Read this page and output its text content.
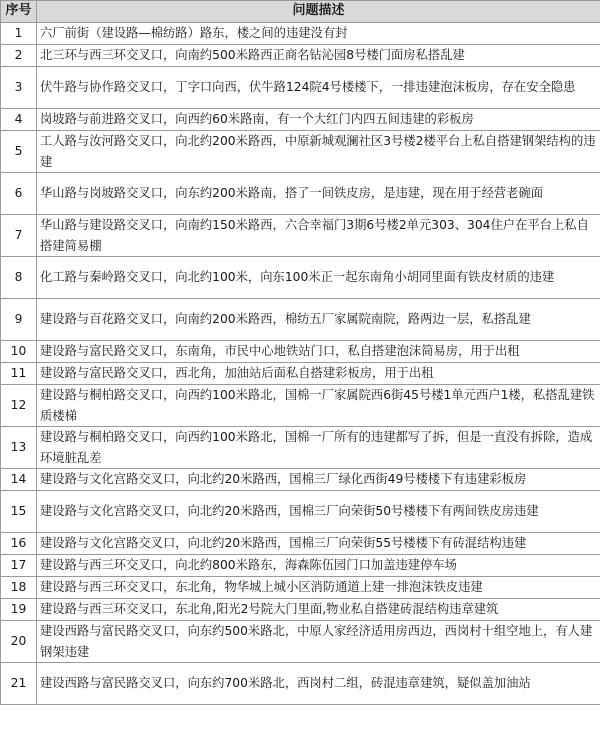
序号	问题描述
1	六厂前街（建设路—棉纺路）路东，楼之间的违建没有封
2	北三环与西三环交叉口，向南约500米路西正商名钻沁园8号楼门面房私搭乱建
3	伏牛路与协作路交叉口，丁字口向西，伏牛路124院4号楼楼下，一排违建泡沫板房，存在安全隐患
4	岗坡路与前进路交叉口，向西约60米路南，有一个大红门内四五间违建的彩板房
5	工人路与汝河路交叉口，向北约200米路西，中原新城观澜社区3号楼2楼平台上私自搭建钢架结构的违建
6	华山路与岗坡路交叉口，向东约200米路南，搭了一间铁皮房，是违建，现在用于经营老碗面
7	华山路与建设路交叉口，向南约150米路西，六合幸福门3期6号楼2单元303、304住户在平台上私自搭建简易棚
8	化工路与秦岭路交叉口，向北约100米，向东100米正一起东南角小胡同里面有铁皮材质的违建
9	建设路与百花路交叉口，向南约200米路西，棉纺五厂家属院南院，路两边一层，私搭乱建
10	建设路与富民路交叉口，东南角，市民中心地铁站门口，私自搭建泡沫简易房，用于出租
11	建设路与富民路交叉口，西北角，加油站后面私自搭建彩板房，用于出租
12	建设路与桐柏路交叉口，向西约100米路北，国棉一厂家属院西6街45号楼1单元西户1楼，私搭乱建铁质楼梯
13	建设路与桐柏路交叉口，向西约100米路北，国棉一厂所有的违建都写了拆，但是一直没有拆除，造成环境脏乱差
14	建设路与文化宫路交叉口，向北约20米路西，国棉三厂绿化西街49号楼楼下有违建彩板房
15	建设路与文化宫路交叉口，向北约20米路西，国棉三厂向荣街50号楼楼下有两间铁皮房违建
16	建设路与文化宫路交叉口，向北约20米路西，国棉三厂向荣街55号楼楼下有砖混结构违建
17	建设路与西三环交叉口，向北约800米路东，海森陈伍园门口加盖违建停车场
18	建设路与西三环交叉口，东北角，物华城上城小区消防通道上建一排泡沫铁皮违建
19	建设路与西三环交叉口，东北角,阳光2号院大门里面,物业私自搭建砖混结构违章建筑
20	建设西路与富民路交叉口，向东约500米路北，中原人家经济适用房西边，西岗村十组空地上，有人建钢架违建
21	建设西路与富民路交叉口，向东约700米路北，西岗村二组，砖混违章建筑，疑似盖加油站
